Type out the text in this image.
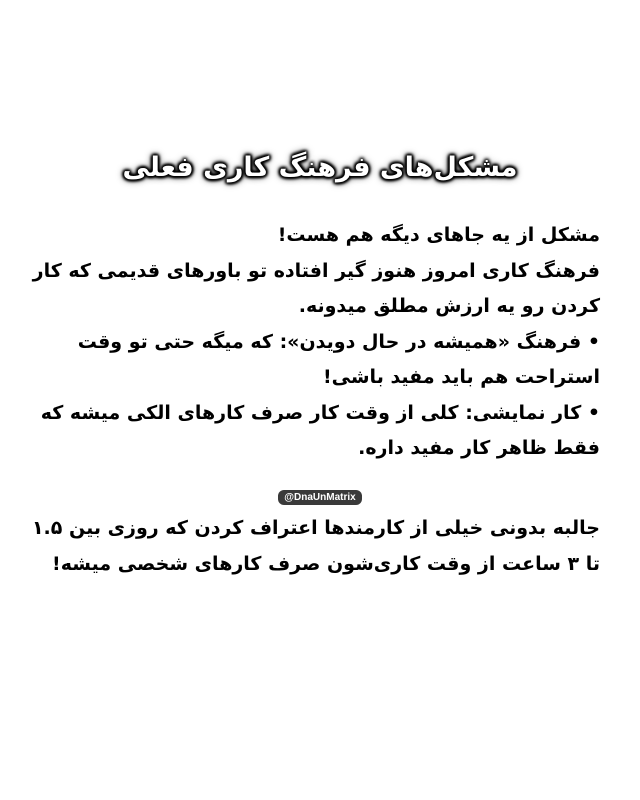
مشکل‌های فرهنگ کاری فعلی
مشکل از یه جاهای دیگه هم هست!
فرهنگ کاری امروز هنوز گیر افتاده تو باورهای قدیمی که کار
کردن رو یه ارزش مطلق میدونه.
• فرهنگ «همیشه در حال دویدن»: که میگه حتی تو وقت
استراحت هم باید مفید باشی!
• کار نمایشی: کلی از وقت کار صرف کارهای الکی میشه که
فقط ظاهر کار مفید داره.
@DnaUnMatrix
جالبه بدونی خیلی از کارمندها اعتراف کردن که روزی بین ۱.۵
تا ۳ ساعت از وقت کاری‌شون صرف کارهای شخصی میشه!
